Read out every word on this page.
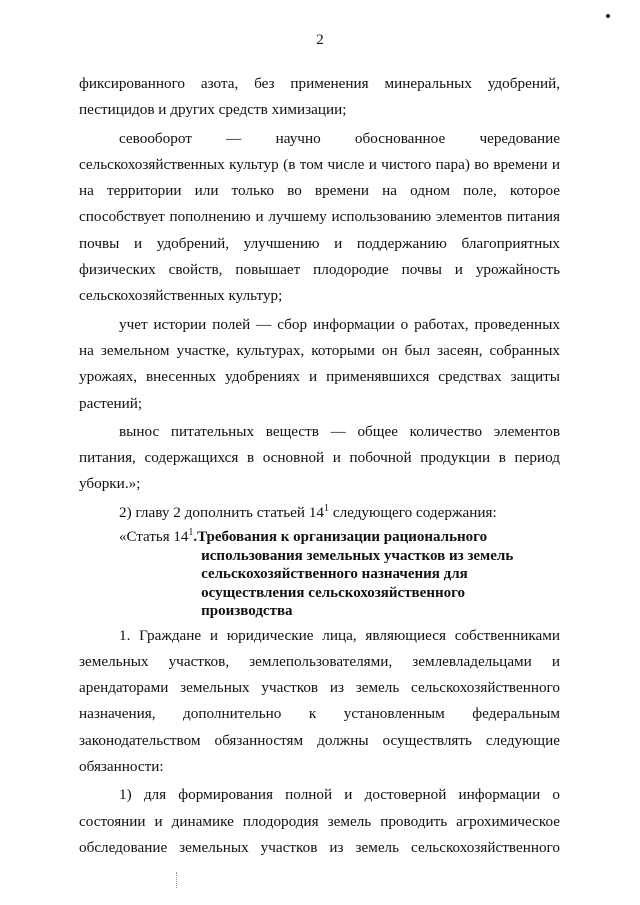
2

фиксированного азота, без применения минеральных удобрений, пестицидов и других средств химизации;

севооборот — научно обоснованное чередование сельскохозяйственных культур (в том числе и чистого пара) во времени и на территории или только во времени на одном поле, которое способствует пополнению и лучшему использованию элементов питания почвы и удобрений, улучшению и поддержанию благоприятных физических свойств, повышает плодородие почвы и урожайность сельскохозяйственных культур;

учет истории полей — сбор информации о работах, проведенных на земельном участке, культурах, которыми он был засеян, собранных урожаях, внесенных удобрениях и применявшихся средствах защиты растений;

вынос питательных веществ — общее количество элементов питания, содержащихся в основной и побочной продукции в период уборки.»;

2) главу 2 дополнить статьей $14^1$ следующего содержания:

«Статья $14^1$. Требования к организации рационального
использования земельных участков из земель
сельскохозяйственного назначения для
осуществления сельскохозяйственного производства

1. Граждане и юридические лица, являющиеся собственниками земельных участков, землепользователями, землевладельцами и арендаторами земельных участков из земель сельскохозяйственного назначения, дополнительно к установленным федеральным законодательством обязанностям должны осуществлять следующие обязанности:

1) для формирования полной и достоверной информации о состоянии и динамике плодородия земель проводить агрохимическое обследование земельных участков из земель сельскохозяйственного
